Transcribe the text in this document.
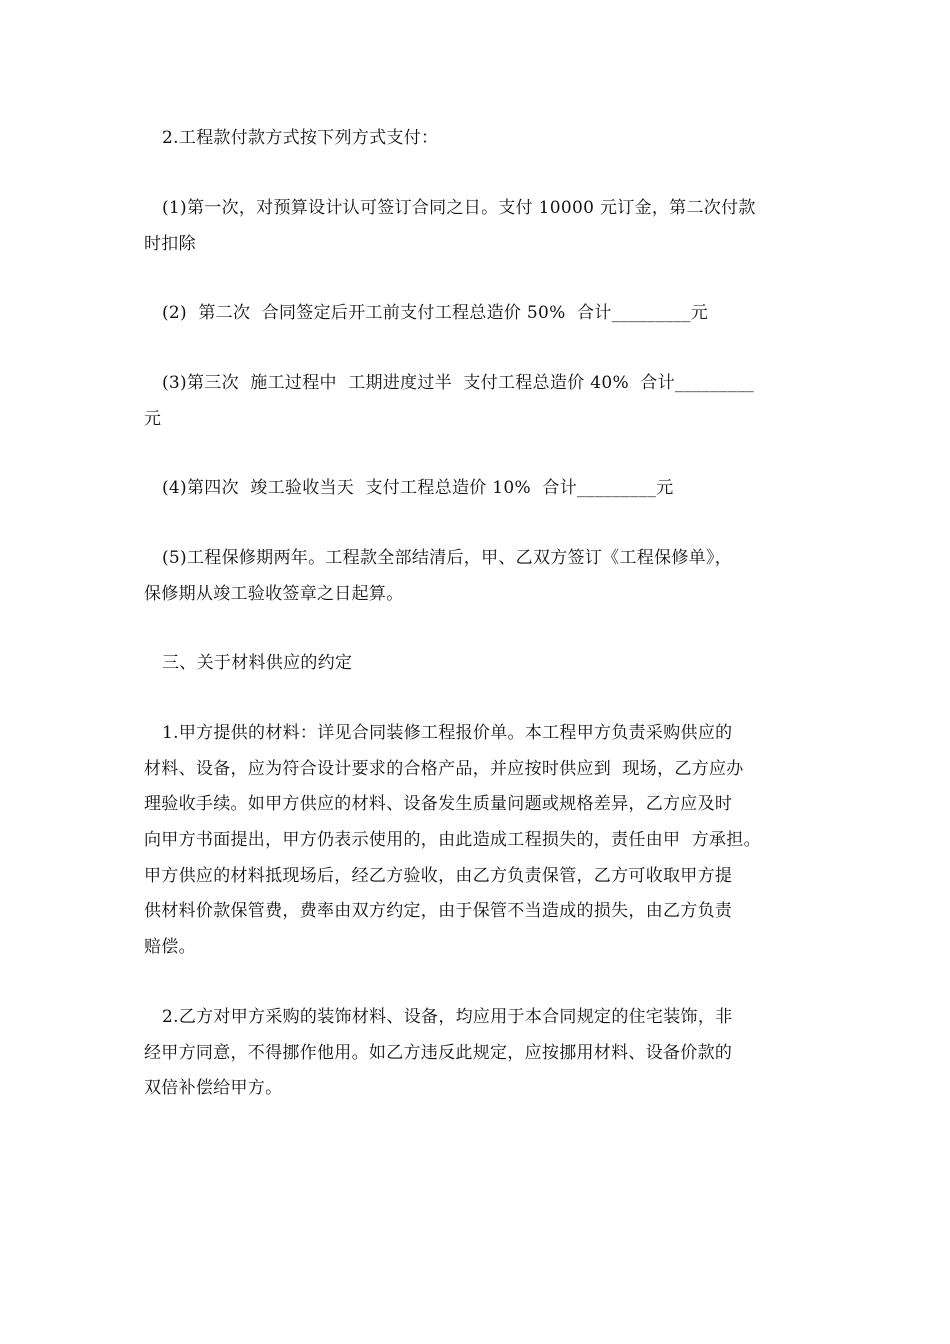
2.工程款付款方式按下列方式支付：
(1)第一次，对预算设计认可签订合同之日。支付 10000 元订金，第二次付款
时扣除
(2)  第二次  合同签定后开工前支付工程总造价 50%  合计_________元
(3)第三次  施工过程中  工期进度过半  支付工程总造价 40%  合计_________
元
(4)第四次  竣工验收当天  支付工程总造价 10%  合计_________元
(5)工程保修期两年。工程款全部结清后，甲、乙双方签订《工程保修单》，
保修期从竣工验收签章之日起算。
三、关于材料供应的约定
1.甲方提供的材料：详见合同装修工程报价单。本工程甲方负责采购供应的
材料、设备，应为符合设计要求的合格产品，并应按时供应到  现场，乙方应办
理验收手续。如甲方供应的材料、设备发生质量问题或规格差异，乙方应及时
向甲方书面提出，甲方仍表示使用的，由此造成工程损失的，责任由甲  方承担。
甲方供应的材料抵现场后，经乙方验收，由乙方负责保管，乙方可收取甲方提
供材料价款保管费，费率由双方约定，由于保管不当造成的损失，由乙方负责
赔偿。
2.乙方对甲方采购的装饰材料、设备，均应用于本合同规定的住宅装饰，非
经甲方同意，不得挪作他用。如乙方违反此规定，应按挪用材料、设备价款的
双倍补偿给甲方。
